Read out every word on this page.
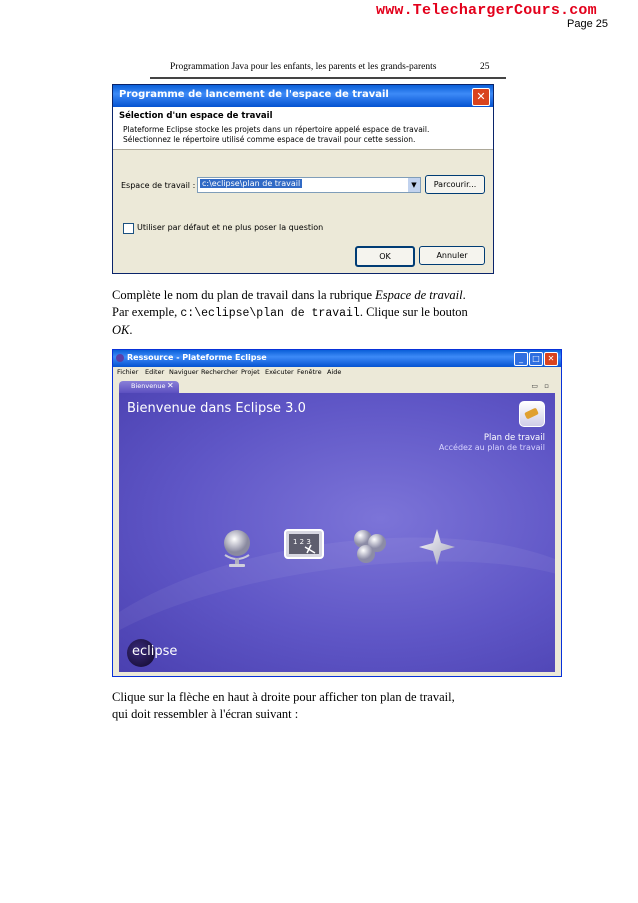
www.TelechargerCours.com
Page 25
Programmation Java pour les enfants, les parents et les grands-parents	25
Programme de lancement de l'espace de travail	✕
Sélection d'un espace de travail
Plateforme Eclipse stocke les projets dans un répertoire appelé espace de travail.
Sélectionnez le répertoire utilisé comme espace de travail pour cette session.
Espace de travail : c:\eclipse\plan de travail	▼	Parcourir...
Utiliser par défaut et ne plus poser la question
OK	Annuler
Complète le nom du plan de travail dans la rubrique Espace de travail.
Par exemple, c:\eclipse\plan de travail. Clique sur le bouton
OK.
Ressource - Plateforme Eclipse	_ □ ✕
Fichier Editer Naviguer Rechercher Projet Exécuter Fenêtre Aide
Bienvenue ✕	▭ ▫
Bienvenue dans Eclipse 3.0
Plan de travail
Accédez au plan de travail
1 2 3
eclipse
Clique sur la flèche en haut à droite pour afficher ton plan de travail,
qui doit ressembler à l'écran suivant :
